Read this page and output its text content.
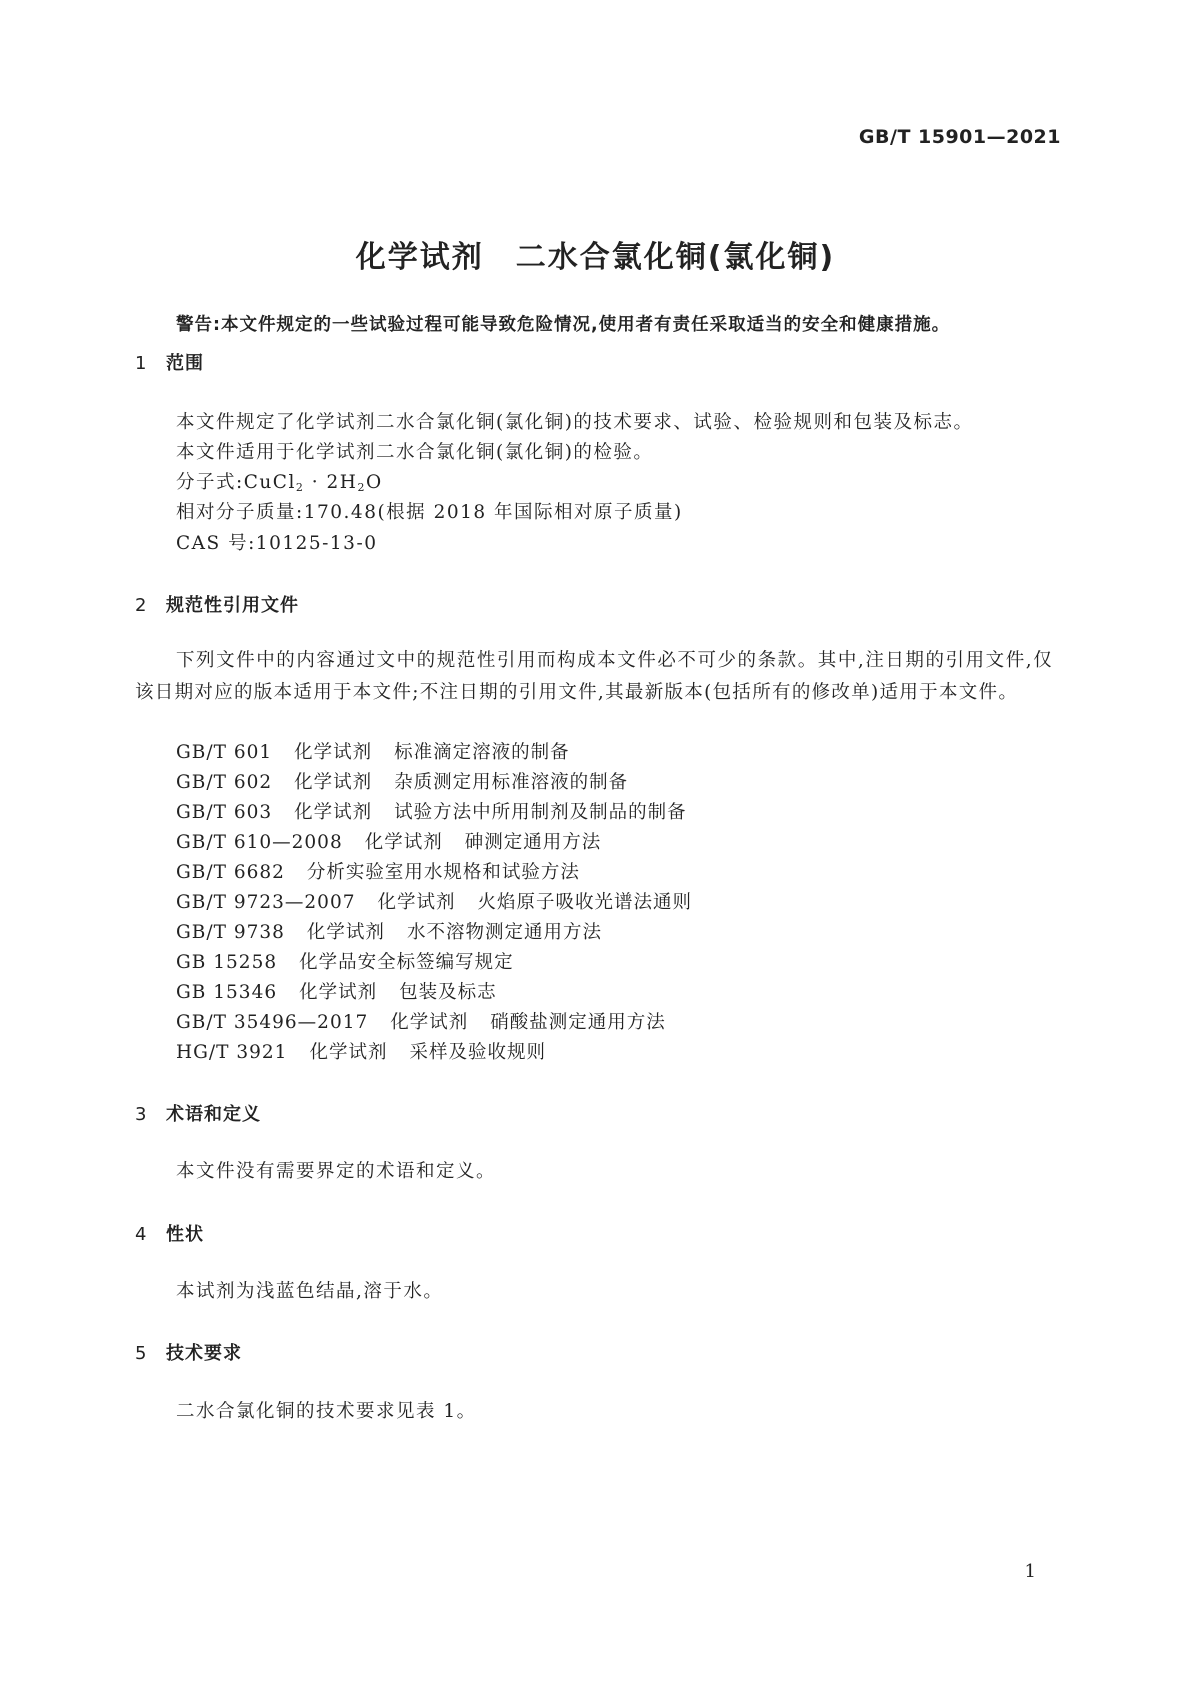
GB/T 15901—2021
化学试剂　二水合氯化铜(氯化铜)
警告:本文件规定的一些试验过程可能导致危险情况,使用者有责任采取适当的安全和健康措施。
1 范围
本文件规定了化学试剂二水合氯化铜(氯化铜)的技术要求、试验、检验规则和包装及标志。
本文件适用于化学试剂二水合氯化铜(氯化铜)的检验。
分子式:CuCl$_2$ · $2H_2O$
相对分子质量:170.48(根据 2018 年国际相对原子质量)
CAS 号:10125-13-0
2 规范性引用文件
下列文件中的内容通过文中的规范性引用而构成本文件必不可少的条款。其中,注日期的引用文件,仅该日期对应的版本适用于本文件;不注日期的引用文件,其最新版本(包括所有的修改单)适用于本文件。
GB/T 601 化学试剂 标准滴定溶液的制备
GB/T 602 化学试剂 杂质测定用标准溶液的制备
GB/T 603 化学试剂 试验方法中所用制剂及制品的制备
GB/T 610—2008 化学试剂 砷测定通用方法
GB/T 6682 分析实验室用水规格和试验方法
GB/T 9723—2007 化学试剂 火焰原子吸收光谱法通则
GB/T 9738 化学试剂 水不溶物测定通用方法
GB 15258 化学品安全标签编写规定
GB 15346 化学试剂 包装及标志
GB/T 35496—2017 化学试剂 硝酸盐测定通用方法
HG/T 3921 化学试剂 采样及验收规则
3 术语和定义
本文件没有需要界定的术语和定义。
4 性状
本试剂为浅蓝色结晶,溶于水。
5 技术要求
二水合氯化铜的技术要求见表 1。
1
